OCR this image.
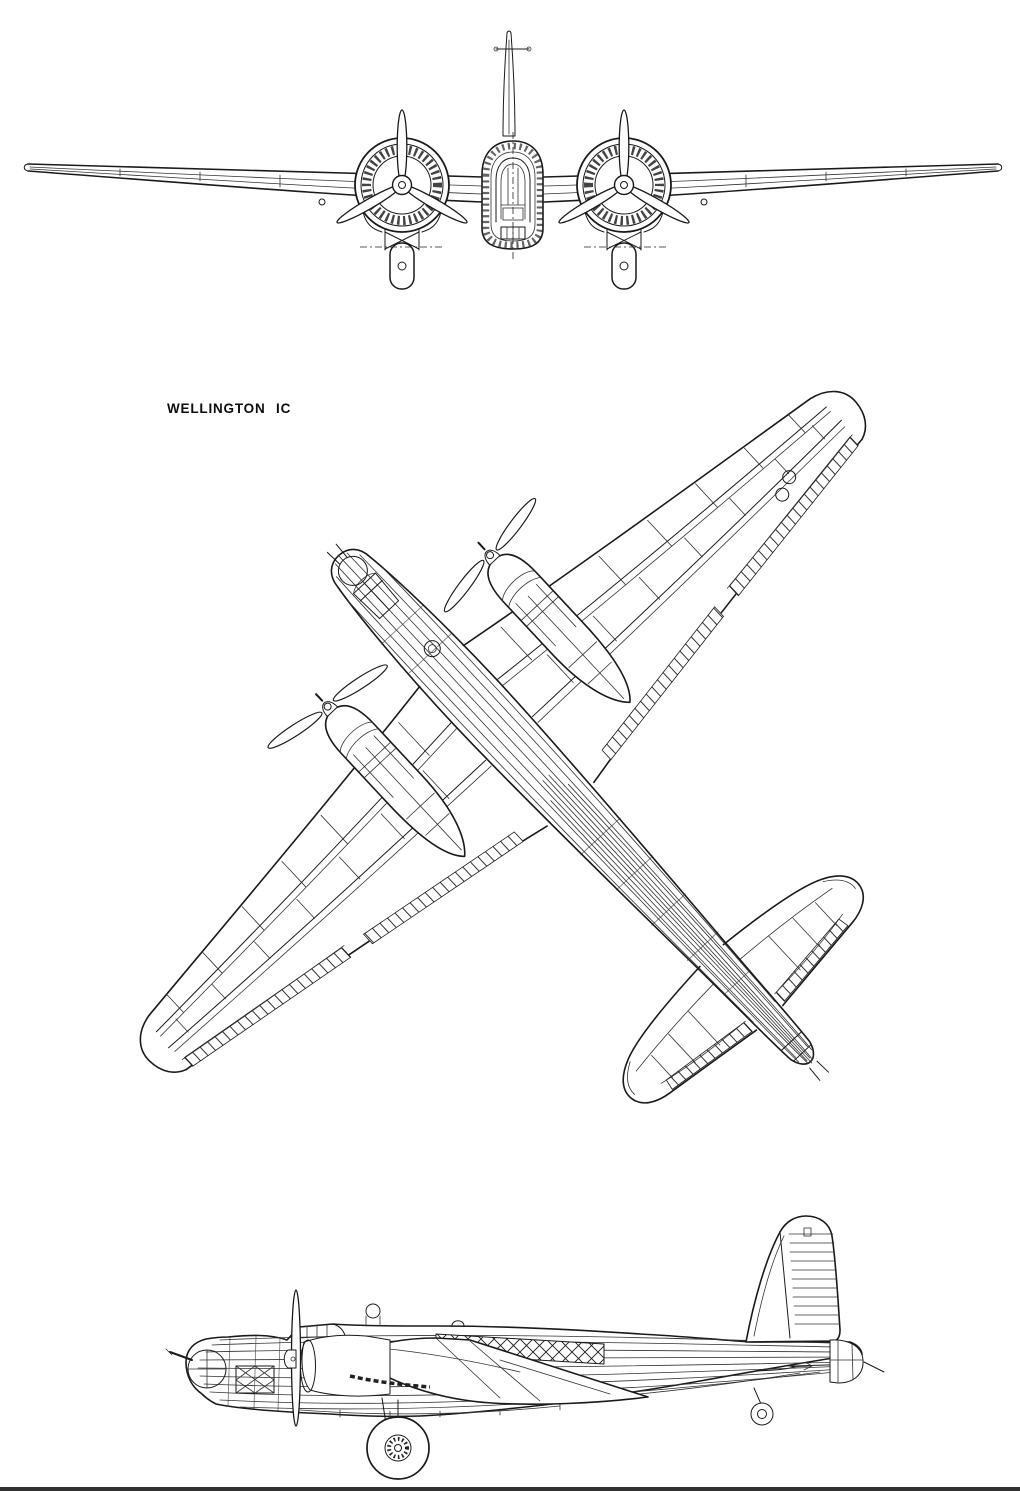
WELLINGTON IC
